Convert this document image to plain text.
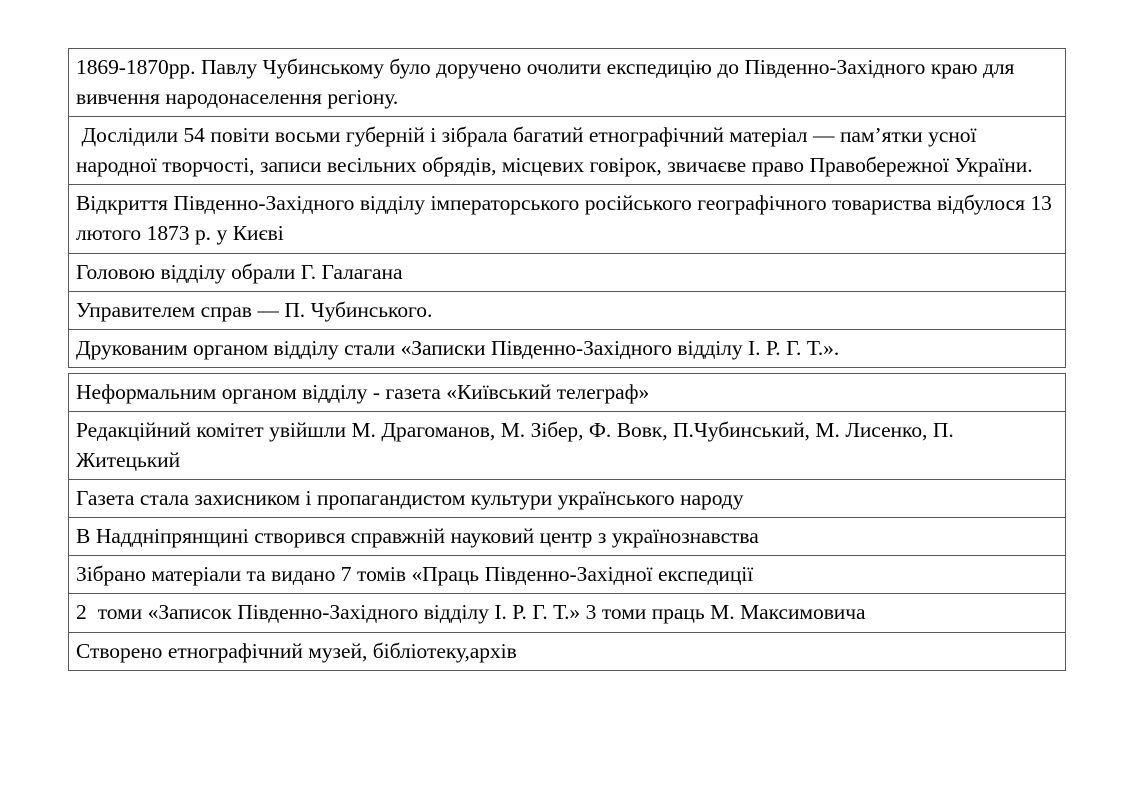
1869-1870рр. Павлу Чубинському було доручено очолити експедицію до Південно-Західного краю для вивчення народонаселення регіону.
Дослідили 54 повіти восьми губерній і зібрала багатий етнографічний матеріал — пам’ятки усної народної творчості, записи весільних обрядів, місцевих говірок, звичаєве право Правобережної України.
Відкриття Південно-Західного відділу імператорського російського географічного товариства відбулося 13 лютого 1873 р. у Києві
Головою відділу обрали Г. Галагана
Управителем справ — П. Чубинського.
Друкованим органом відділу стали «Записки Південно-Західного відділу І. Р. Г. Т.».
Неформальним органом відділу - газета «Київський телеграф»
Редакційний комітет увійшли М. Драгоманов, М. Зібер, Ф. Вовк, П.Чубинський, М. Лисенко, П. Житецький
Газета стала захисником і пропагандистом культури українського народу
В Наддніпрянщині створився справжній науковий центр з українознавства
Зібрано матеріали та видано 7 томів «Праць Південно-Західної експедиції
2  томи «Записок Південно-Західного відділу І. Р. Г. Т.» 3 томи праць М. Максимовича
Створено етнографічний музей, бібліотеку,архів
